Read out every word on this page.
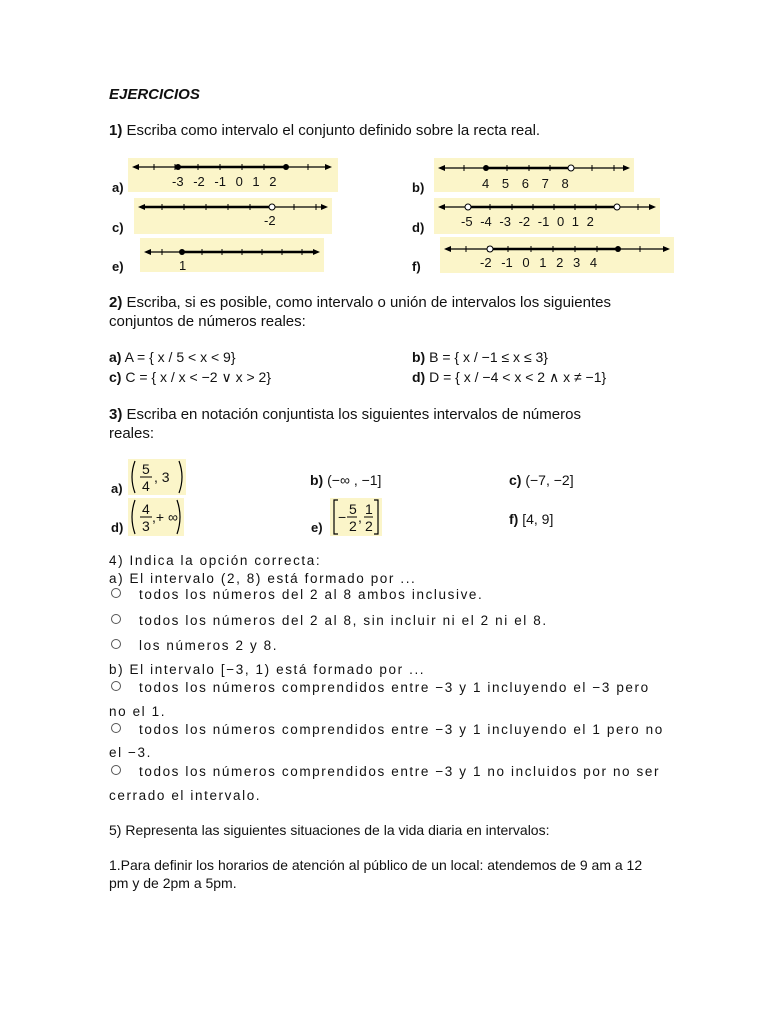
EJERCICIOS
1) Escriba como intervalo el conjunto definido sobre la recta real.
a)	-3 -2 -1 0 1 2	b)	4 5 6 7 8
c)	-2	d)	-5 -4 -3 -2 -1 0 1 2
e)	1	f)	-2 -1 0 1 2 3 4
2) Escriba, si es posible, como intervalo o unión de intervalos los siguientes
conjuntos de números reales:
a) A = { x / 5 < x < 9}	b) B = { x / −1 ≤ x ≤ 3}
c) C = { x / x < −2 ∨ x > 2}	d) D = { x / −4 < x < 2 ∧ x ≠ −1}
3) Escriba en notación conjuntista los siguientes intervalos de números
reales:
a)
5
4
, 3	b) (−∞ , −1]	c) (−7, −2]
d)
4
3
,+ ∞
e)
− 5
2
, 1
2	f) [4, 9]
4) Indica la opción correcta:
a) El intervalo (2, 8) está formado por ...
todos los números del 2 al 8 ambos inclusive.
todos los números del 2 al 8, sin incluir ni el 2 ni el 8.
los números 2 y 8.
b) El intervalo [−3, 1) está formado por ...
todos los números comprendidos entre −3 y 1 incluyendo el −3 pero
no el 1.
todos los números comprendidos entre −3 y 1 incluyendo el 1 pero no
el −3.
todos los números comprendidos entre −3 y 1 no incluidos por no ser
cerrado el intervalo.
5) Representa las siguientes situaciones de la vida diaria en intervalos:
1.Para definir los horarios de atención al público de un local: atendemos de 9 am a 12
pm y de 2pm a 5pm.
